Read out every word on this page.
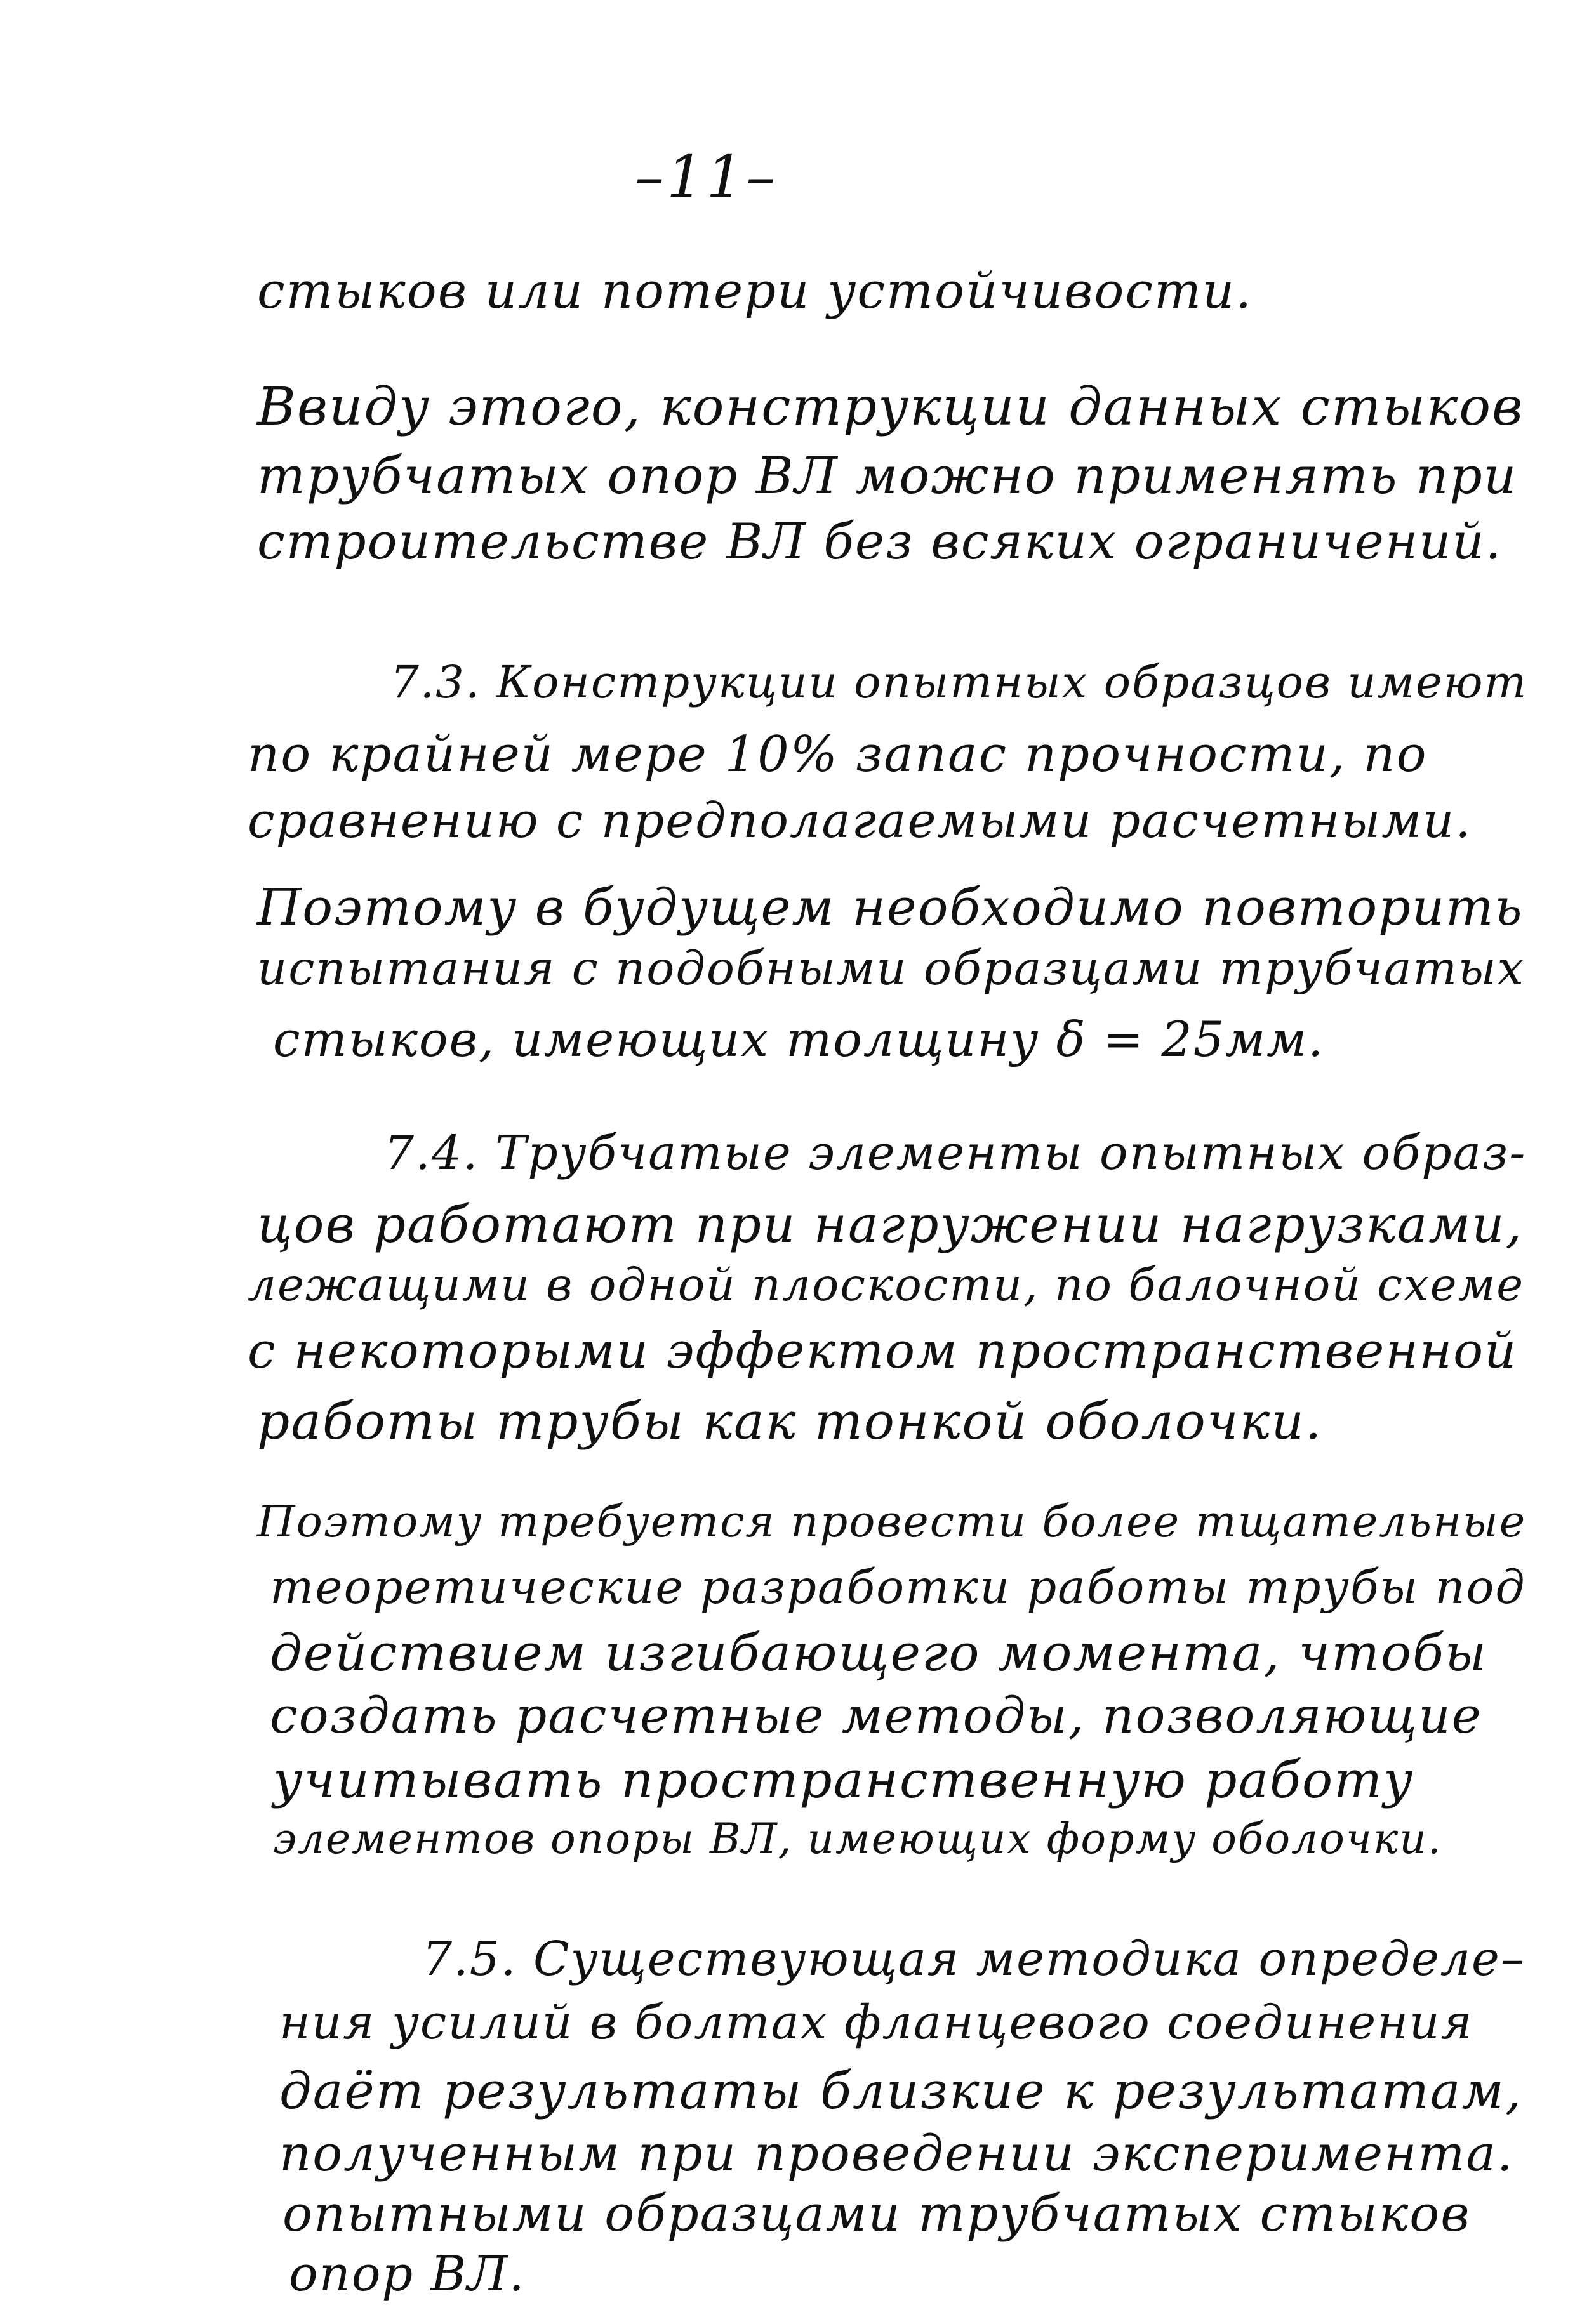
–11–
стыков или потери устойчивости.
Ввиду этого, конструкции данных стыков
трубчатых опор ВЛ можно применять при
строительстве ВЛ без всяких ограничений.
7.3. Конструкции опытных образцов имеют
по крайней мере 10% запас прочности, по
сравнению с предполагаемыми расчетными.
Поэтому в будущем необходимо повторить
испытания с подобными образцами трубчатых
стыков, имеющих толщину δ = 25мм.
7.4. Трубчатые элементы опытных образ-
цов работают при нагружении нагрузками,
лежащими в одной плоскости, по балочной схеме
с некоторыми эффектом пространственной
работы трубы как тонкой оболочки.
Поэтому требуется провести более тщательные
теоретические разработки работы трубы под
действием изгибающего момента, чтобы
создать расчетные методы, позволяющие
учитывать пространственную работу
элементов опоры ВЛ, имеющих форму оболочки.
7.5. Существующая методика определе–
ния усилий в болтах фланцевого соединения
даёт результаты близкие к результатам,
полученным при проведении эксперимента.
опытными образцами трубчатых стыков
опор ВЛ.
